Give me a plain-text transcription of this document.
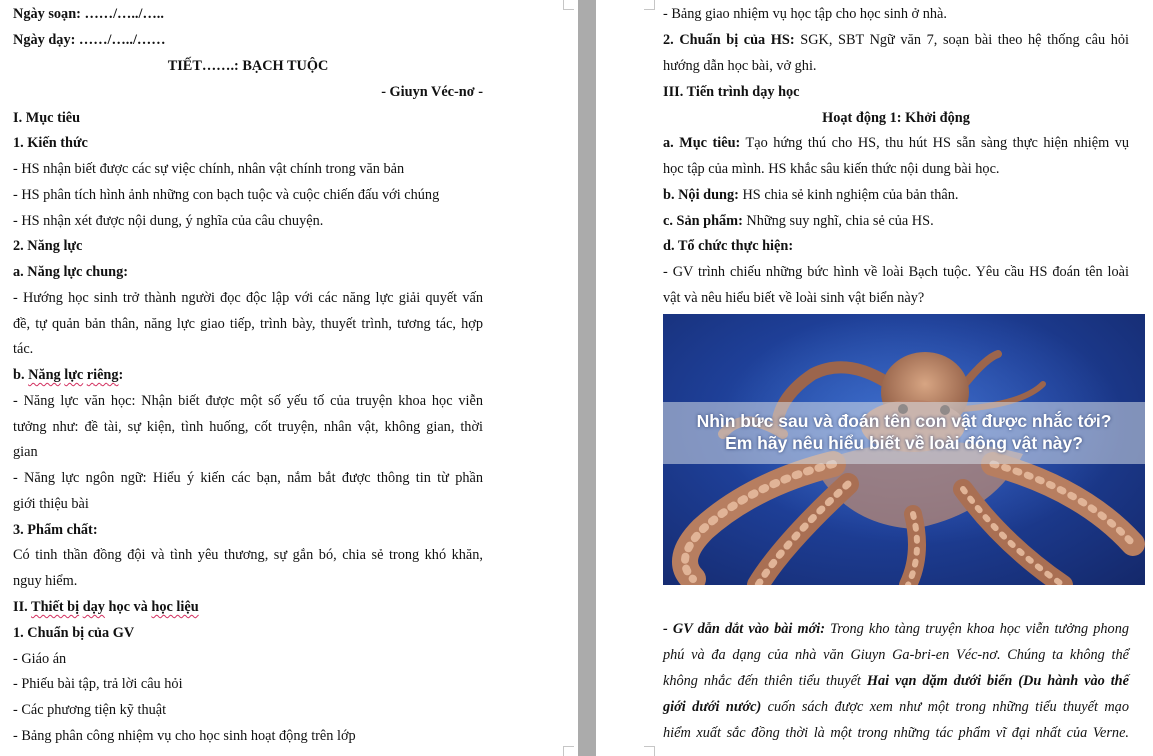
Ngày soạn: ……/…../…..
Ngày dạy: ……/…../……
TIẾT…….: BẠCH TUỘC
- Giuyn Véc-nơ -
I. Mục tiêu
1. Kiến thức
- HS nhận biết được các sự việc chính, nhân vật chính trong văn bản
- HS phân tích hình ảnh những con bạch tuộc và cuộc chiến đấu với chúng
- HS nhận xét được nội dung, ý nghĩa của câu chuyện.
2. Năng lực
a. Năng lực chung:
- Hướng học sinh trở thành người đọc độc lập với các năng lực giải quyết vấn
đề, tự quản bản thân, năng lực giao tiếp, trình bày, thuyết trình, tương tác, hợp
tác.
b. Năng lực riêng:
- Năng lực văn học: Nhận biết được một số yếu tố của truyện khoa học viễn
tưởng như: đề tài, sự kiện, tình huống, cốt truyện, nhân vật, không gian, thời
gian
- Năng lực ngôn ngữ: Hiểu ý kiến các bạn, nắm bắt được thông tin từ phần
giới thiệu bài
3. Phẩm chất:
Có tinh thần đồng đội và tình yêu thương, sự gắn bó, chia sẻ trong khó khăn,
nguy hiểm.
II. Thiết bị dạy học và học liệu
1. Chuẩn bị của GV
- Giáo án
- Phiếu bài tập, trả lời câu hỏi
- Các phương tiện kỹ thuật
- Bảng phân công nhiệm vụ cho học sinh hoạt động trên lớp
- Bảng giao nhiệm vụ học tập cho học sinh ở nhà.
2. Chuẩn bị của HS: SGK, SBT Ngữ văn 7, soạn bài theo hệ thống câu hỏi
hướng dẫn học bài, vở ghi.
III. Tiến trình dạy học
Hoạt động 1: Khởi động
a. Mục tiêu: Tạo hứng thú cho HS, thu hút HS sẵn sàng thực hiện nhiệm vụ
học tập của mình. HS khắc sâu kiến thức nội dung bài học.
b. Nội dung: HS chia sẻ kinh nghiệm của bản thân.
c. Sản phẩm: Những suy nghĩ, chia sẻ của HS.
d. Tổ chức thực hiện:
- GV trình chiếu những bức hình về loài Bạch tuộc. Yêu cầu HS đoán tên loài
vật và nêu hiểu biết về loài sinh vật biển này?
- GV dẫn dắt vào bài mới: Trong kho tàng truyện khoa học viễn tưởng phong
phú và đa dạng của nhà văn Giuyn Ga-bri-en Véc-nơ. Chúng ta không thể
không nhắc đến thiên tiểu thuyết Hai vạn dặm dưới biển (Du hành vào thế
giới dưới nước) cuốn sách được xem như một trong những tiểu thuyết mạo
hiểm xuất sắc đồng thời là một trong những tác phẩm vĩ đại nhất của Verne.
Nhìn bức sau và đoán tên con vật được nhắc tới?
Em hãy nêu hiểu biết về loài động vật này?
